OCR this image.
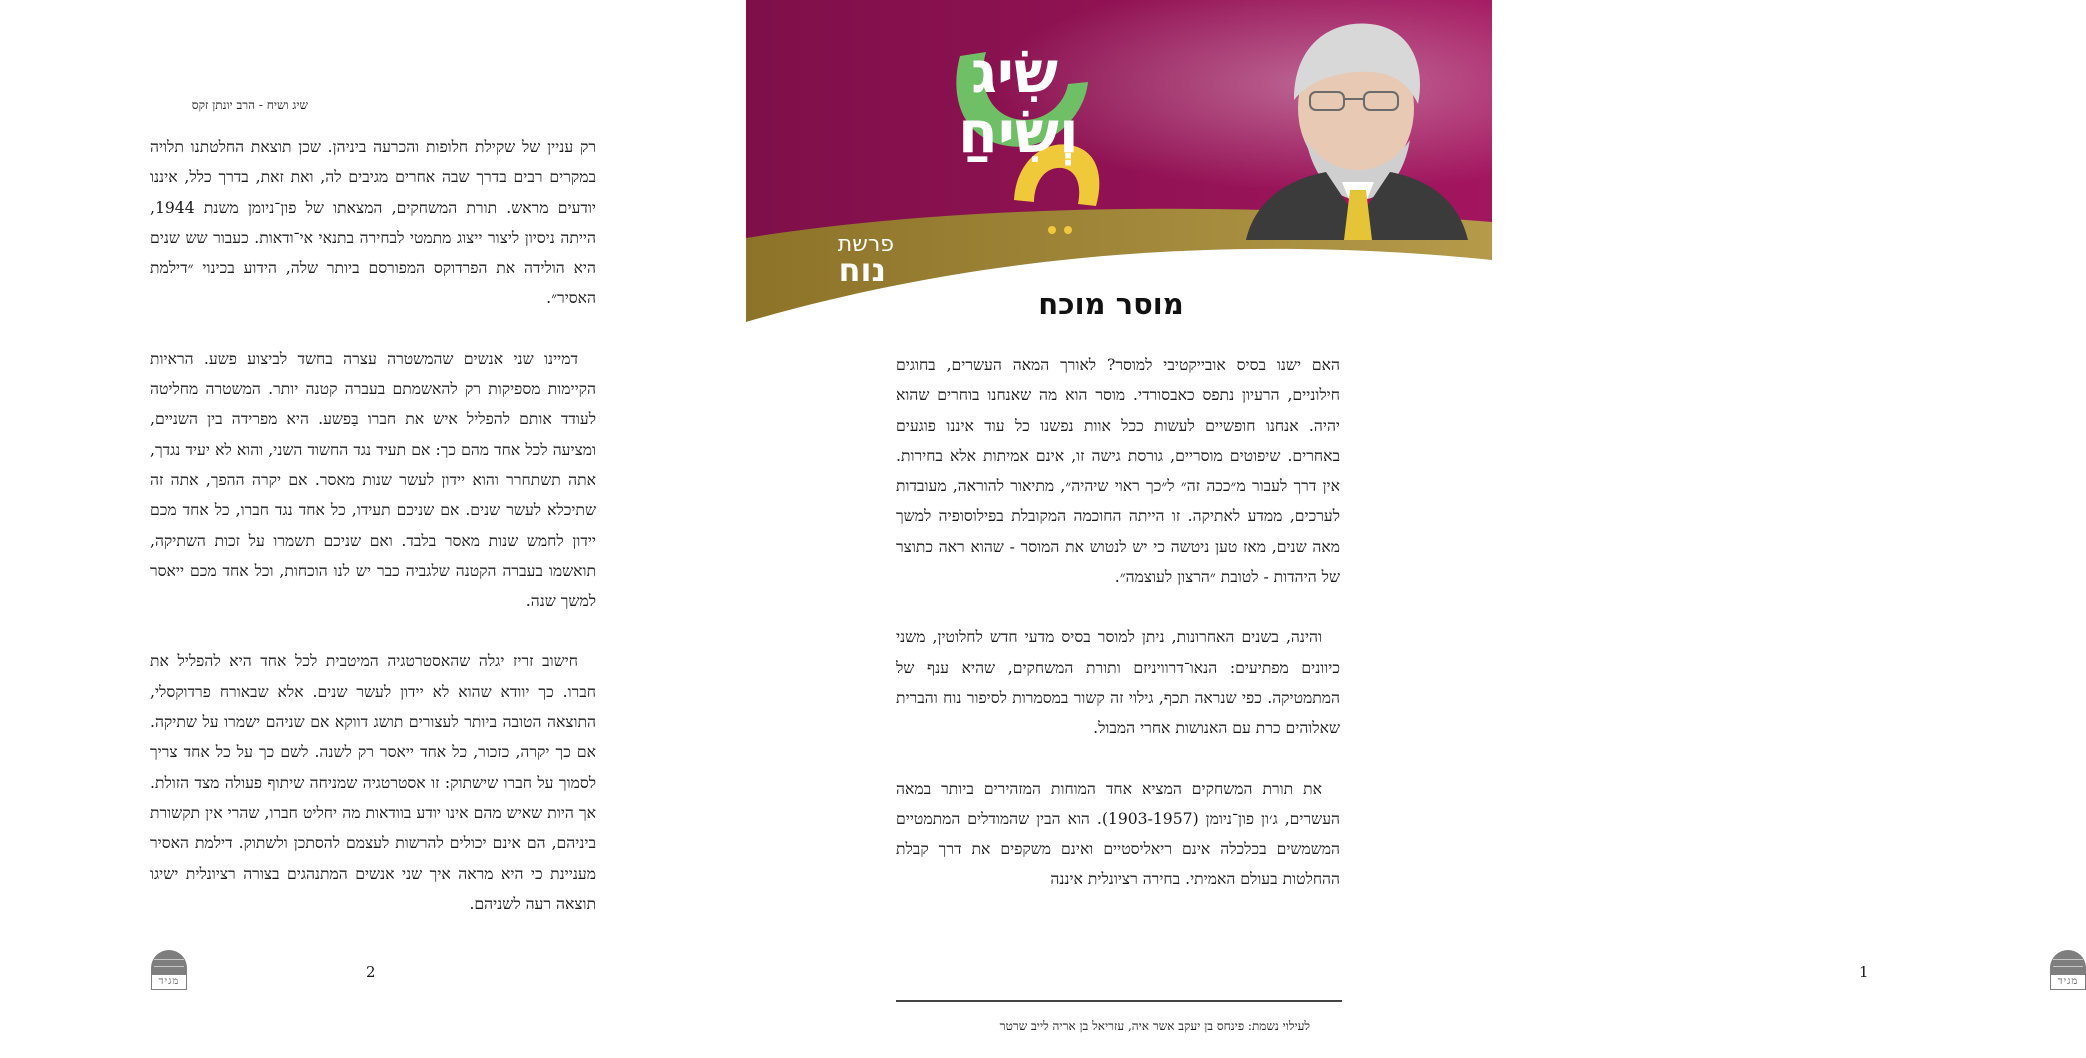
שיג ושיח - הרב יונתן זקס

רק עניין של שקילת חלופות והכרעה ביניהן. שכן תוצאת החלטתנו תלויה במקרים רבים בדרך שבה אחרים מגיבים לה, ואת זאת, בדרך כלל, איננו יודעים מראש. תורת המשחקים, המצאתו של פון־ניומן משנת 1944, הייתה ניסיון ליצור ייצוג מתמטי לבחירה בתנאי אי־ודאות. כעבור שש שנים היא הולידה את הפרדוקס המפורסם ביותר שלה, הידוע בכינוי ״דילמת האסיר״.

דמיינו שני אנשים שהמשטרה עצרה בחשד לביצוע פשע. הראיות הקיימות מספיקות רק להאשמתם בעברה קטנה יותר. המשטרה מחליטה לעודד אותם להפליל איש את חברו בַּפשע. היא מפרידה בין השניים, ומציעה לכל אחד מהם כך: אם תעיד נגד החשוד השני, והוא לא יעיד נגדך, אתה תשתחרר והוא יידון לעשר שנות מאסר. אם יקרה ההפך, אתה זה שתיכלא לעשר שנים. אם שניכם תעידו, כל אחד נגד חברו, כל אחד מכם יידון לחמש שנות מאסר בלבד. ואם שניכם תשמרו על זכות השתיקה, תואשמו בעברה הקטנה שלגביה כבר יש לנו הוכחות, וכל אחד מכם ייאסר למשך שנה.

חישוב זריז יגלה שהאסטרטגיה המיטבית לכל אחד היא להפליל את חברו. כך יוודא שהוא לא יידון לעשר שנים. אלא שבאורח פרדוקסלי, התוצאה הטובה ביותר לעצורים תושג דווקא אם שניהם ישמרו על שתיקה. אם כך יקרה, כזכור, כל אחד ייאסר רק לשנה. לשם כך על כל אחד צריך לסמוך על חברו שישתוק: זו אסטרטגיה שמניחה שיתוף פעולה מצד הזולת. אך היות שאיש מהם אינו יודע בוודאות מה יחליט חברו, שהרי אין תקשורת ביניהם, הם אינם יכולים להרשות לעצמם להסתכן ולשתוק. דילמת האסיר מעניינת כי היא מראה איך שני אנשים המתנהגים בצורה רציונלית ישיגו תוצאה רעה לשניהם.

מגיד
2
שִׂיג
וְשִׂיחַ
פרשת
נוח
מוסר מוכח

האם ישנו בסיס אובייקטיבי למוסר? לאורך המאה העשרים, בחוגים חילוניים, הרעיון נתפס כאבסורדי. מוסר הוא מה שאנחנו בוחרים שהוא יהיה. אנחנו חופשיים לעשות ככל אוות נפשנו כל עוד איננו פוגעים באחרים. שיפוטים מוסריים, גורסת גישה זו, אינם אמיתות אלא בחירות. אין דרך לעבור מ״ככה זה״ ל״כך ראוי שיהיה״, מתיאור להוראה, מעובדות לערכים, ממדע לאתיקה. זו הייתה החוכמה המקובלת בפילוסופיה למשך מאה שנים, מאז טען ניטשה כי יש לנטוש את המוסר - שהוא ראה כתוצר של היהדות - לטובת ״הרצון לעוצמה״.

והינה, בשנים האחרונות, ניתן למוסר בסיס מדעי חדש לחלוטין, משני כיוונים מפתיעים: הנאו־דרוויניזם ותורת המשחקים, שהיא ענף של המתמטיקה. כפי שנראה תכף, גילוי זה קשור במסמרות לסיפור נוח והברית שאלוהים כרת עם האנושות אחרי המבול.

את תורת המשחקים המציא אחד המוחות המזהירים ביותר במאה העשרים, ג׳ון פון־ניומן (1903-1957). הוא הבין שהמודלים המתמטיים המשמשים בכלכלה אינם ריאליסטיים ואינם משקפים את דרך קבלת ההחלטות בעולם האמיתי. בחירה רציונלית איננה

1
מגיד
לעילוי נשמת: פינחס בן יעקב אשר איה, עזריאל בן אריה לייב שרטר
